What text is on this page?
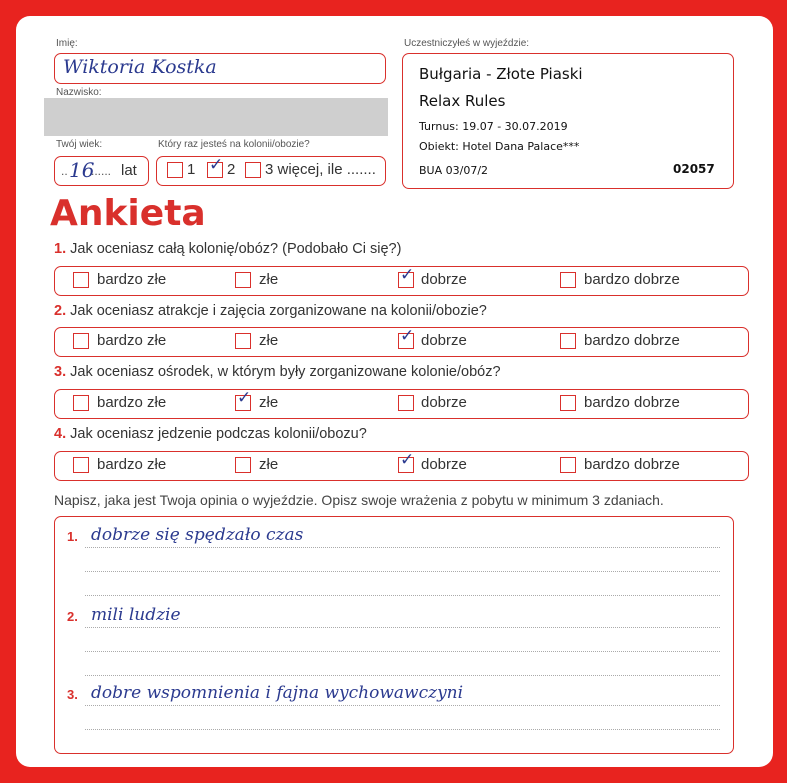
Imię:
Wiktoria Kostka
Nazwisko:
Twój wiek:
.. 16
...... lat
Który raz jesteś na kolonii/obozie?
1 ✓ 2 3 więcej, ile .......
Uczestniczyłeś w wyjeździe:
Bułgaria - Złote Piaski
Relax Rules
Turnus: 19.07 - 30.07.2019
Obiekt: Hotel Dana Palace***
BUA 03/07/2	02057
Ankieta
1. Jak oceniasz całą kolonię/obóz? (Podobało Ci się?)
bardzo złe	złe	✓ dobrze	bardzo dobrze
2. Jak oceniasz atrakcje i zajęcia zorganizowane na kolonii/obozie?
bardzo złe	złe	✓ dobrze	bardzo dobrze
3. Jak oceniasz ośrodek, w którym były zorganizowane kolonie/obóz?
bardzo złe	✓ złe	dobrze	bardzo dobrze
4. Jak oceniasz jedzenie podczas kolonii/obozu?
bardzo złe	złe	✓ dobrze	bardzo dobrze
Napisz, jaka jest Twoja opinia o wyjeździe. Opisz swoje wrażenia z pobytu w minimum 3 zdaniach.
1. dobrze się spędzało czas
2. mili ludzie
3. dobre wspomnienia i fajna wychowawczyni
